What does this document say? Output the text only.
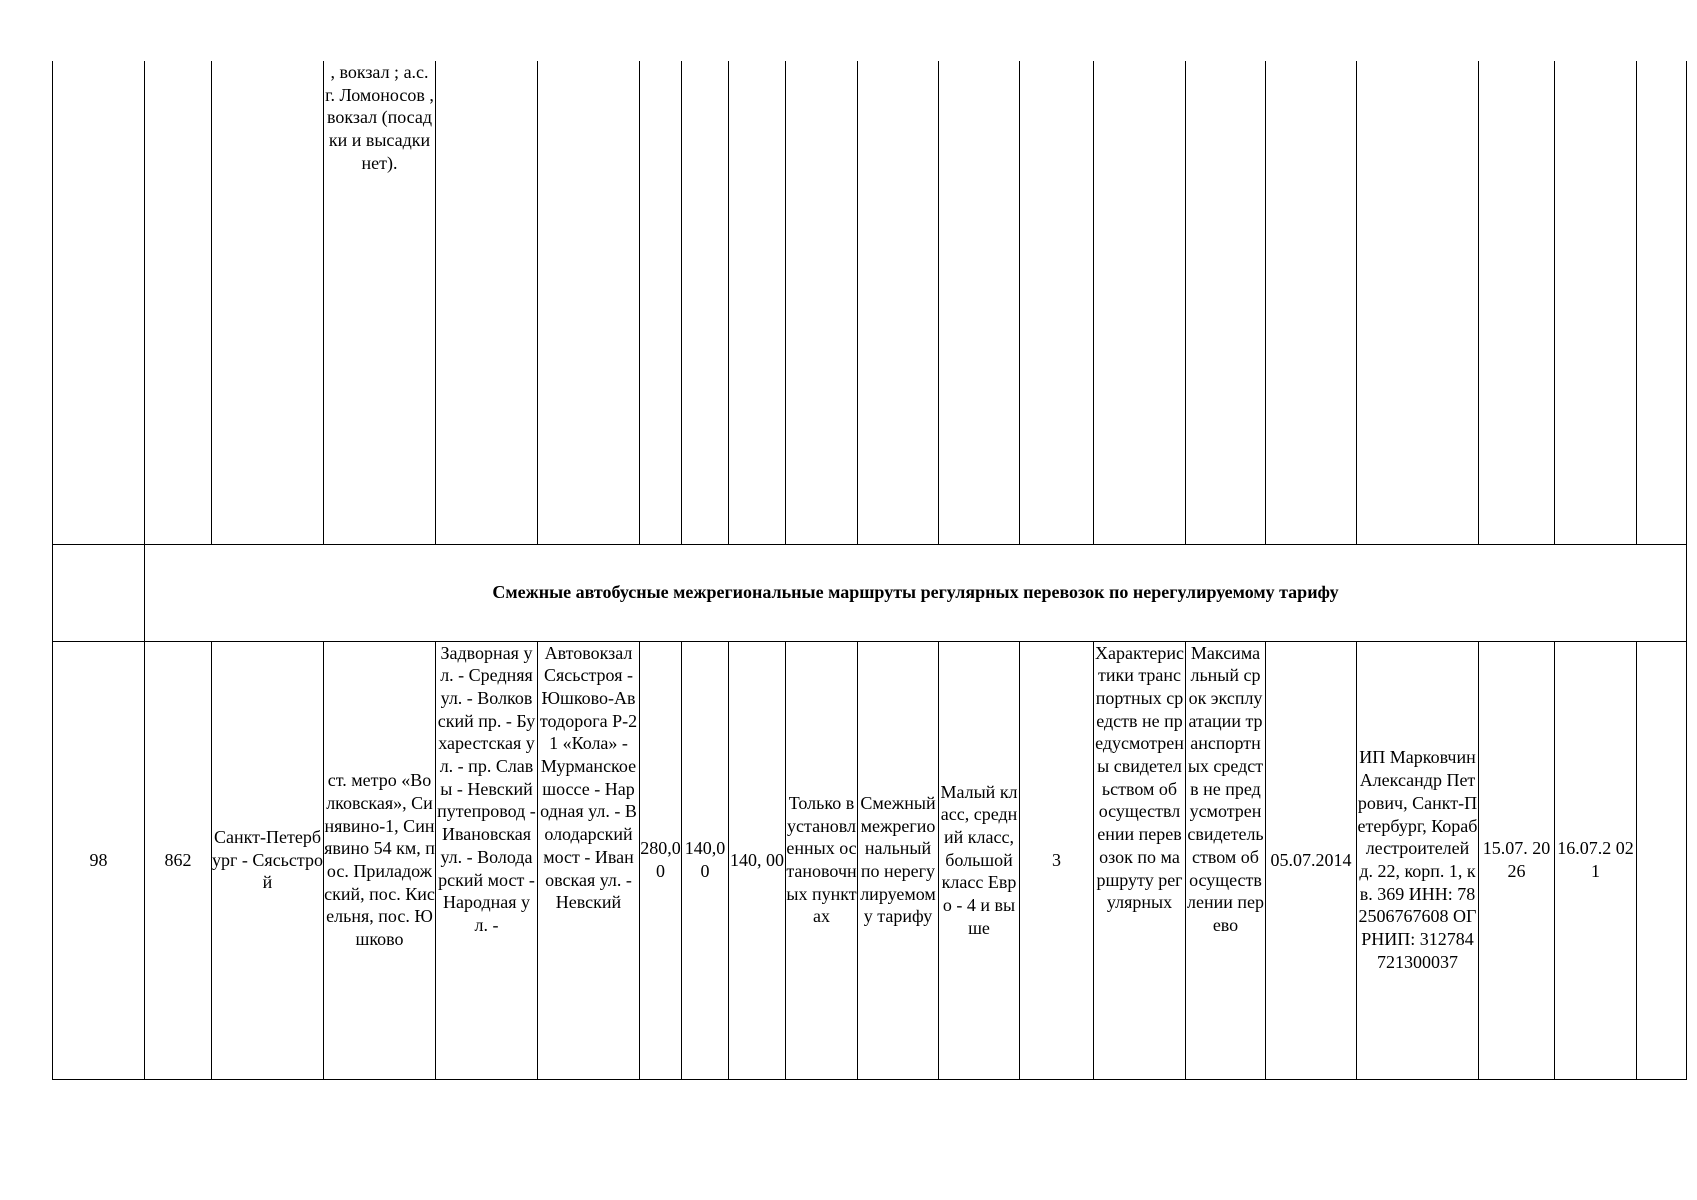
			, вокзал ; а.с. г. Ломоносов , вокзал (посадки и высадки нет).																
	Смежные автобусные межрегиональные маршруты регулярных перевозок по нерегулируемому тарифу																		
98	862	Санкт-Петербург - Сясьстрой	ст. метро «Волковская», Синявино-1, Синявино 54 км, пос. Приладожский, пос. Кисельня, пос. Юшково	Задворная ул. - Средняя ул. - Волковский пр. - Бухарестская ул. - пр. Славы - Невский путепровод - Ивановская ул. - Володарский мост - Народная ул. -	Автовокзал Сясьстроя - Юшково-Автодорога Р-21 «Кола» - Мурманское шоссе - Народная ул. - Володарский мост - Ивановская ул. - Невский	280,00	140,00	140, 00	Только в установленных остановочных пунктах	Смежный межрегиональный по нерегулируемому тарифу	Малый класс, средний класс, большой класс Евро - 4 и выше	3	Характеристики транспортных средств не предусмотрены свидетельством об осуществлении перевозок по маршруту регулярных	Максимальный срок эксплуатации транспортных средств не предусмотрен свидетельством об осуществлении перево	05.07.2014	ИП Марковчин Александр Петрович, Санкт-Петербург, Кораблестроителей д. 22, корп. 1, кв. 369 ИНН: 782506767608 ОГРНИП: 312784721300037	15.07. 2026	16.07.2 021	
